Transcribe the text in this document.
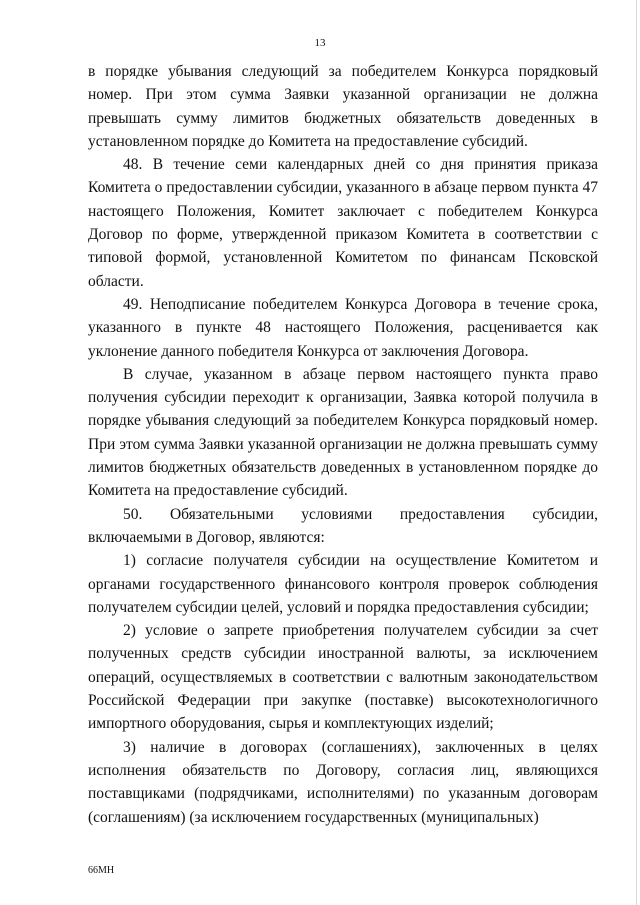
13

в порядке убывания следующий за победителем Конкурса порядковый номер. При этом сумма Заявки указанной организации не должна превышать сумму лимитов бюджетных обязательств доведенных в установленном порядке до Комитета на предоставление субсидий.

48. В течение семи календарных дней со дня принятия приказа Комитета о предоставлении субсидии, указанного в абзаце первом пункта 47 настоящего Положения, Комитет заключает с победителем Конкурса Договор по форме, утвержденной приказом Комитета в соответствии с типовой формой, установленной Комитетом по финансам Псковской области.

49. Неподписание победителем Конкурса Договора в течение срока, указанного в пункте 48 настоящего Положения, расценивается как уклонение данного победителя Конкурса от заключения Договора.

В случае, указанном в абзаце первом настоящего пункта право получения субсидии переходит к организации, Заявка которой получила в порядке убывания следующий за победителем Конкурса порядковый номер. При этом сумма Заявки указанной организации не должна превышать сумму лимитов бюджетных обязательств доведенных в установленном порядке до Комитета на предоставление субсидий.

50. Обязательными условиями предоставления субсидии, включаемыми в Договор, являются:

1) согласие получателя субсидии на осуществление Комитетом и органами государственного финансового контроля проверок соблюдения получателем субсидии целей, условий и порядка предоставления субсидии;

2) условие о запрете приобретения получателем субсидии за счет полученных средств субсидии иностранной валюты, за исключением операций, осуществляемых в соответствии с валютным законодательством Российской Федерации при закупке (поставке) высокотехнологичного импортного оборудования, сырья и комплектующих изделий;

3) наличие в договорах (соглашениях), заключенных в целях исполнения обязательств по Договору, согласия лиц, являющихся поставщиками (подрядчиками, исполнителями) по указанным договорам (соглашениям) (за исключением государственных (муниципальных)

66МН
